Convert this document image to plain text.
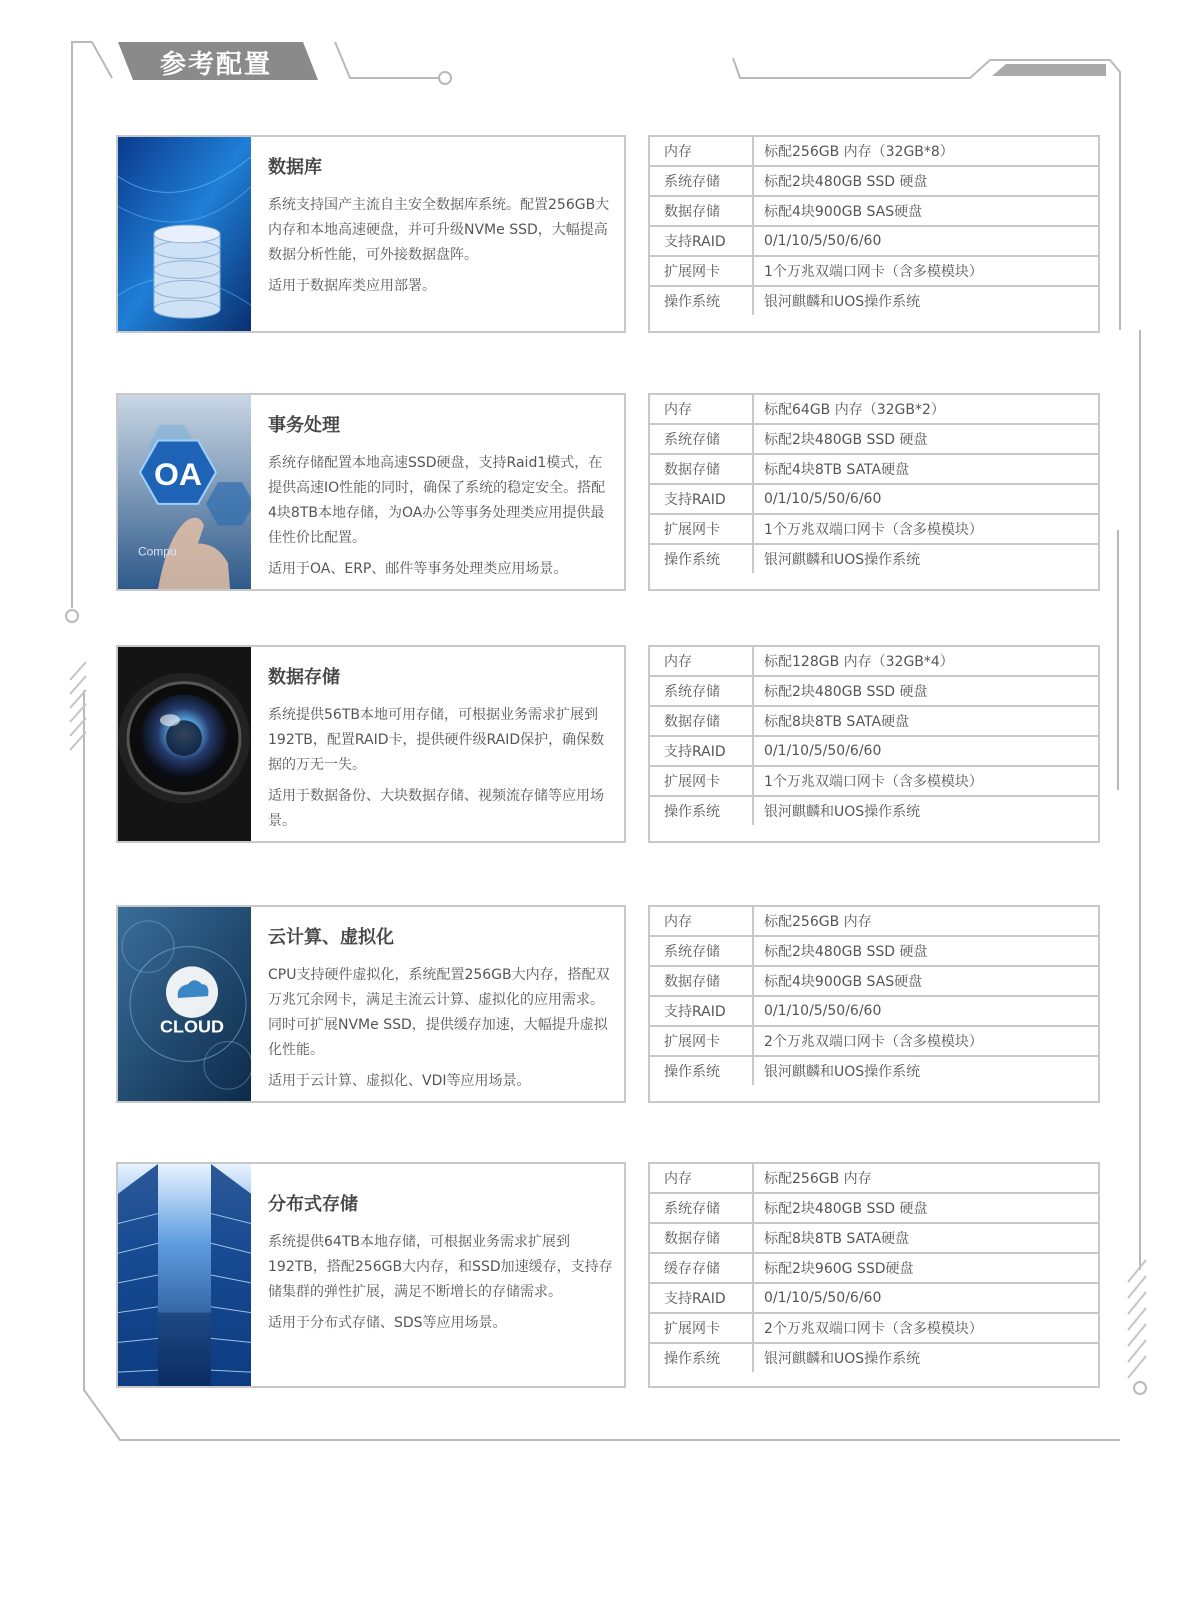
参考配置
数据库
系统支持国产主流自主安全数据库系统。配置256GB大内存和本地高速硬盘，并可升级NVMe SSD，大幅提高数据分析性能，可外接数据盘阵。
适用于数据库类应用部署。
内存	标配256GB 内存（32GB*8）
系统存储	标配2块480GB SSD 硬盘
数据存储	标配4块900GB SAS硬盘
支持RAID	0/1/10/5/50/6/60
扩展网卡	1个万兆双端口网卡（含多模模块）
操作系统	银河麒麟和UOS操作系统
OA
Compu
事务处理
系统存储配置本地高速SSD硬盘，支持Raid1模式，在提供高速IO性能的同时，确保了系统的稳定安全。搭配4块8TB本地存储，为OA办公等事务处理类应用提供最佳性价比配置。
适用于OA、ERP、邮件等事务处理类应用场景。
内存	标配64GB 内存（32GB*2）
系统存储	标配2块480GB SSD 硬盘
数据存储	标配4块8TB SATA硬盘
支持RAID	0/1/10/5/50/6/60
扩展网卡	1个万兆双端口网卡（含多模模块）
操作系统	银河麒麟和UOS操作系统
数据存储
系统提供56TB本地可用存储，可根据业务需求扩展到192TB，配置RAID卡，提供硬件级RAID保护，确保数据的万无一失。
适用于数据备份、大块数据存储、视频流存储等应用场景。
内存	标配128GB 内存（32GB*4）
系统存储	标配2块480GB SSD 硬盘
数据存储	标配8块8TB SATA硬盘
支持RAID	0/1/10/5/50/6/60
扩展网卡	1个万兆双端口网卡（含多模模块）
操作系统	银河麒麟和UOS操作系统
CLOUD
云计算、虚拟化
CPU支持硬件虚拟化，系统配置256GB大内存，搭配双万兆冗余网卡，满足主流云计算、虚拟化的应用需求。同时可扩展NVMe SSD，提供缓存加速，大幅提升虚拟化性能。
适用于云计算、虚拟化、VDI等应用场景。
内存	标配256GB 内存
系统存储	标配2块480GB SSD 硬盘
数据存储	标配4块900GB SAS硬盘
支持RAID	0/1/10/5/50/6/60
扩展网卡	2个万兆双端口网卡（含多模模块）
操作系统	银河麒麟和UOS操作系统
分布式存储
系统提供64TB本地存储，可根据业务需求扩展到192TB，搭配256GB大内存，和SSD加速缓存，支持存储集群的弹性扩展，满足不断增长的存储需求。
适用于分布式存储、SDS等应用场景。
内存	标配256GB 内存
系统存储	标配2块480GB SSD 硬盘
数据存储	标配8块8TB SATA硬盘
缓存存储	标配2块960G SSD硬盘
支持RAID	0/1/10/5/50/6/60
扩展网卡	2个万兆双端口网卡（含多模模块）
操作系统	银河麒麟和UOS操作系统
